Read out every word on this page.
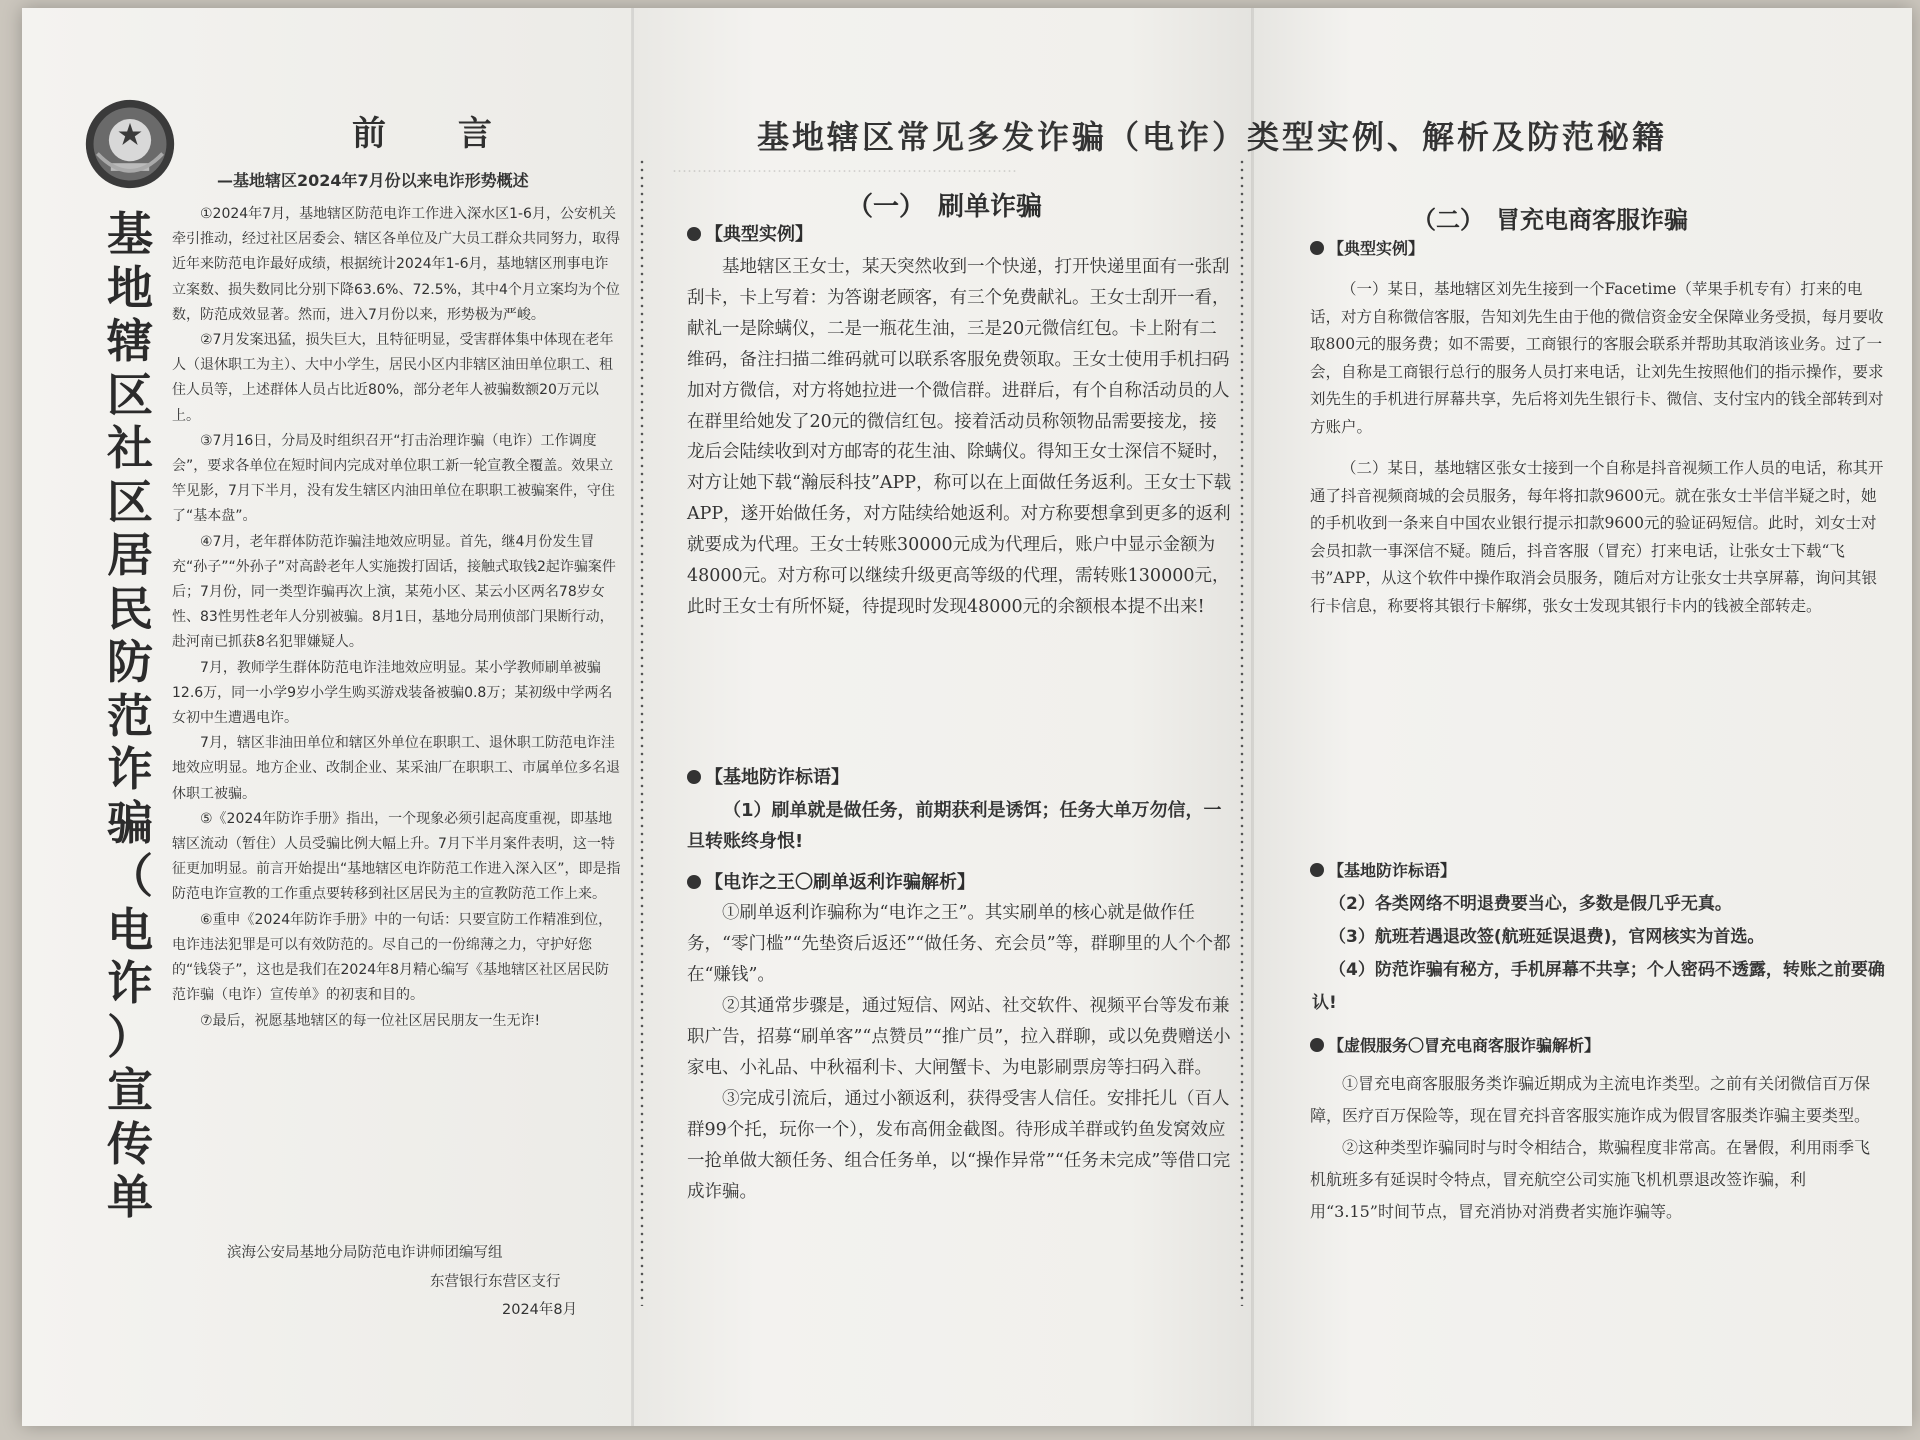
基
地
辖
区
社
区
居
民
防
范
诈
骗
（
电
诈
）
宣
传
单
前 言
—基地辖区2024年7月份以来电诈形势概述

①2024年7月，基地辖区防范电诈工作进入深水区1-6月，公安机关牵引推动，经过社区居委会、辖区各单位及广大员工群众共同努力，取得近年来防范电诈最好成绩，根据统计2024年1-6月，基地辖区刑事电诈立案数、损失数同比分别下降63.6%、72.5%，其中4个月立案均为个位数，防范成效显著。然而，进入7月份以来，形势极为严峻。

②7月发案迅猛，损失巨大，且特征明显，受害群体集中体现在老年人（退休职工为主）、大中小学生，居民小区内非辖区油田单位职工、租住人员等，上述群体人员占比近80%，部分老年人被骗数额20万元以上。

③7月16日，分局及时组织召开“打击治理诈骗（电诈）工作调度会”，要求各单位在短时间内完成对单位职工新一轮宣教全覆盖。效果立竿见影，7月下半月，没有发生辖区内油田单位在职职工被骗案件，守住了“基本盘”。

④7月，老年群体防范诈骗洼地效应明显。首先，继4月份发生冒充“孙子”“外孙子”对高龄老年人实施拨打固话，接触式取钱2起诈骗案件后；7月份，同一类型诈骗再次上演，某苑小区、某云小区两名78岁女性、83性男性老年人分别被骗。8月1日，基地分局刑侦部门果断行动，赴河南已抓获8名犯罪嫌疑人。

7月，教师学生群体防范电诈洼地效应明显。某小学教师刷单被骗12.6万，同一小学9岁小学生购买游戏装备被骗0.8万；某初级中学两名女初中生遭遇电诈。

7月，辖区非油田单位和辖区外单位在职职工、退休职工防范电诈洼地效应明显。地方企业、改制企业、某采油厂在职职工、市属单位多名退休职工被骗。

⑤《2024年防诈手册》指出，一个现象必须引起高度重视，即基地辖区流动（暂住）人员受骗比例大幅上升。7月下半月案件表明，这一特征更加明显。前言开始提出“基地辖区电诈防范工作进入深入区”，即是指防范电诈宣教的工作重点要转移到社区居民为主的宣教防范工作上来。

⑥重申《2024年防诈手册》中的一句话：只要宣防工作精准到位，电诈违法犯罪是可以有效防范的。尽自己的一份绵薄之力，守护好您的“钱袋子”，这也是我们在2024年8月精心编写《基地辖区社区居民防范诈骗（电诈）宣传单》的初衷和目的。

⑦最后，祝愿基地辖区的每一位社区居民朋友一生无诈!

滨海公安局基地分局防范电诈讲师团编写组
东营银行东营区支行
2024年8月
……………………………………………………………
（一）　刷单诈骗
【典型实例】

基地辖区王女士，某天突然收到一个快递，打开快递里面有一张刮刮卡，卡上写着：为答谢老顾客，有三个免费献礼。王女士刮开一看，献礼一是除螨仪，二是一瓶花生油，三是20元微信红包。卡上附有二维码，备注扫描二维码就可以联系客服免费领取。王女士使用手机扫码加对方微信，对方将她拉进一个微信群。进群后，有个自称活动员的人在群里给她发了20元的微信红包。接着活动员称领物品需要接龙，接龙后会陆续收到对方邮寄的花生油、除螨仪。得知王女士深信不疑时，对方让她下载“瀚辰科技”APP，称可以在上面做任务返利。王女士下载APP，遂开始做任务，对方陆续给她返利。对方称要想拿到更多的返利就要成为代理。王女士转账30000元成为代理后，账户中显示金额为48000元。对方称可以继续升级更高等级的代理，需转账130000元，此时王女士有所怀疑，待提现时发现48000元的余额根本提不出来!

【基地防诈标语】

（1）刷单就是做任务，前期获利是诱饵；任务大单万勿信，一旦转账终身恨!

【电诈之王〇刷单返利诈骗解析】

①刷单返利诈骗称为“电诈之王”。其实刷单的核心就是做作任务，“零门槛”“先垫资后返还”“做任务、充会员”等，群聊里的人个个都在“赚钱”。

②其通常步骤是，通过短信、网站、社交软件、视频平台等发布兼职广告，招募“刷单客”“点赞员”“推广员”，拉入群聊，或以免费赠送小家电、小礼品、中秋福利卡、大闸蟹卡、为电影刷票房等扫码入群。

③完成引流后，通过小额返利，获得受害人信任。安排托儿（百人群99个托，玩你一个），发布高佣金截图。待形成羊群或钓鱼发窝效应一抢单做大额任务、组合任务单，以“操作异常”“任务未完成”等借口完成诈骗。

（二）　冒充电商客服诈骗
【典型实例】

（一）某日，基地辖区刘先生接到一个Facetime（苹果手机专有）打来的电话，对方自称微信客服，告知刘先生由于他的微信资金安全保障业务受损，每月要收取800元的服务费；如不需要，工商银行的客服会联系并帮助其取消该业务。过了一会，自称是工商银行总行的服务人员打来电话，让刘先生按照他们的指示操作，要求刘先生的手机进行屏幕共享，先后将刘先生银行卡、微信、支付宝内的钱全部转到对方账户。

（二）某日，基地辖区张女士接到一个自称是抖音视频工作人员的电话，称其开通了抖音视频商城的会员服务，每年将扣款9600元。就在张女士半信半疑之时，她的手机收到一条来自中国农业银行提示扣款9600元的验证码短信。此时，刘女士对会员扣款一事深信不疑。随后，抖音客服（冒充）打来电话，让张女士下载“飞书”APP，从这个软件中操作取消会员服务，随后对方让张女士共享屏幕，询问其银行卡信息，称要将其银行卡解绑，张女士发现其银行卡内的钱被全部转走。

【基地防诈标语】

（2）各类网络不明退费要当心，多数是假几乎无真。

（3）航班若遇退改签(航班延误退费)，官网核实为首选。

（4）防范诈骗有秘方，手机屏幕不共享；个人密码不透露，转账之前要确认!

【虚假服务〇冒充电商客服诈骗解析】

①冒充电商客服服务类诈骗近期成为主流电诈类型。之前有关闭微信百万保障，医疗百万保险等，现在冒充抖音客服实施诈成为假冒客服类诈骗主要类型。

②这种类型诈骗同时与时令相结合，欺骗程度非常高。在暑假，利用雨季飞机航班多有延误时令特点，冒充航空公司实施飞机机票退改签诈骗，利用“3.15”时间节点，冒充消协对消费者实施诈骗等。

基地辖区常见多发诈骗（电诈）类型实例、解析及防范秘籍
